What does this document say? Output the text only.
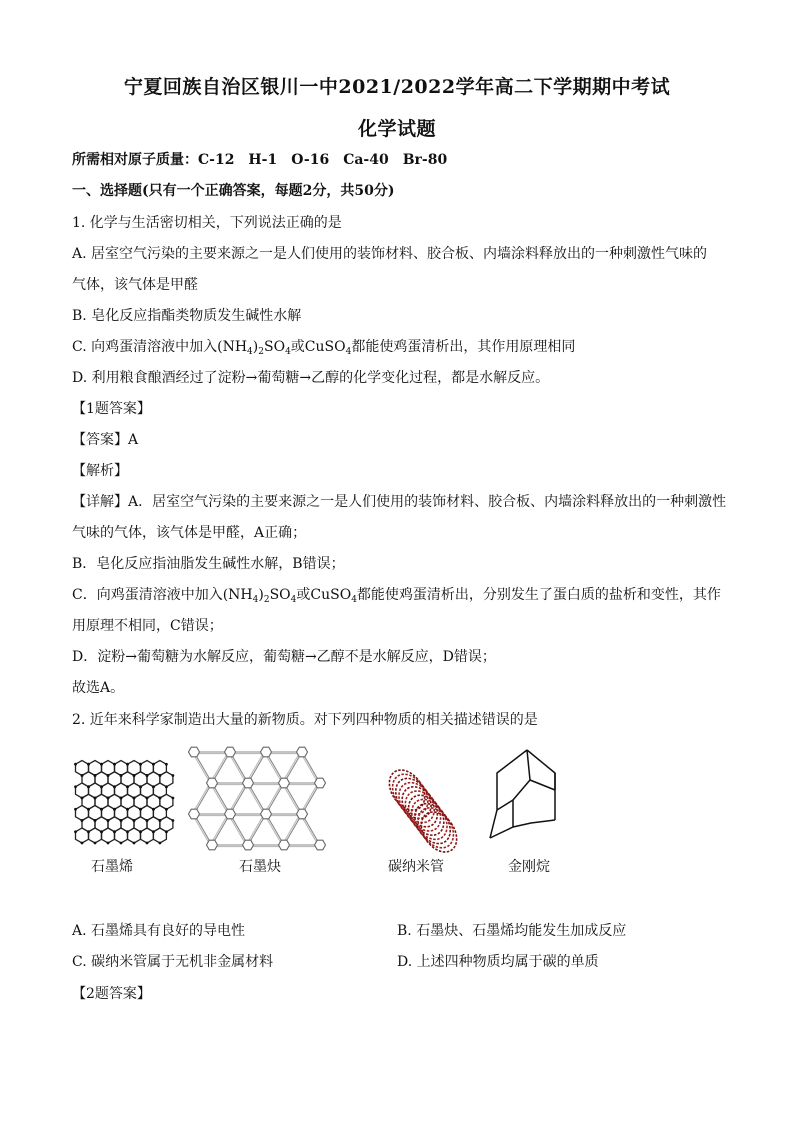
宁夏回族自治区银川一中2021/2022学年高二下学期期中考试
化学试题
所需相对原子质量：C-12　H-1　O-16　Ca-40　Br-80
一、选择题(只有一个正确答案，每题2分，共50分)
1. 化学与生活密切相关，下列说法正确的是
A. 居室空气污染的主要来源之一是人们使用的装饰材料、胶合板、内墙涂料释放出的一种刺激性气味的
气体，该气体是甲醛
B. 皂化反应指酯类物质发生碱性水解
C. 向鸡蛋清溶液中加入$(NH_4)_2SO_4$或CuSO$_4$都能使鸡蛋清析出，其作用原理相同
D. 利用粮食酿酒经过了淀粉→葡萄糖→乙醇的化学变化过程，都是水解反应。
【1题答案】
【答案】A
【解析】
【详解】A．居室空气污染的主要来源之一是人们使用的装饰材料、胶合板、内墙涂料释放出的一种刺激性
气味的气体，该气体是甲醛，A正确；
B．皂化反应指油脂发生碱性水解，B错误；
C．向鸡蛋清溶液中加入$(NH_4)_2SO_4$或CuSO$_4$都能使鸡蛋清析出，分别发生了蛋白质的盐析和变性，其作
用原理不相同，C错误；
D．淀粉→葡萄糖为水解反应，葡萄糖→乙醇不是水解反应，D错误；
故选A。
2. 近年来科学家制造出大量的新物质。对下列四种物质的相关描述错误的是
石墨烯	石墨炔	碳纳米管	金刚烷
A. 石墨烯具有良好的导电性	B. 石墨炔、石墨烯均能发生加成反应
C. 碳纳米管属于无机非金属材料	D. 上述四种物质均属于碳的单质
【2题答案】
